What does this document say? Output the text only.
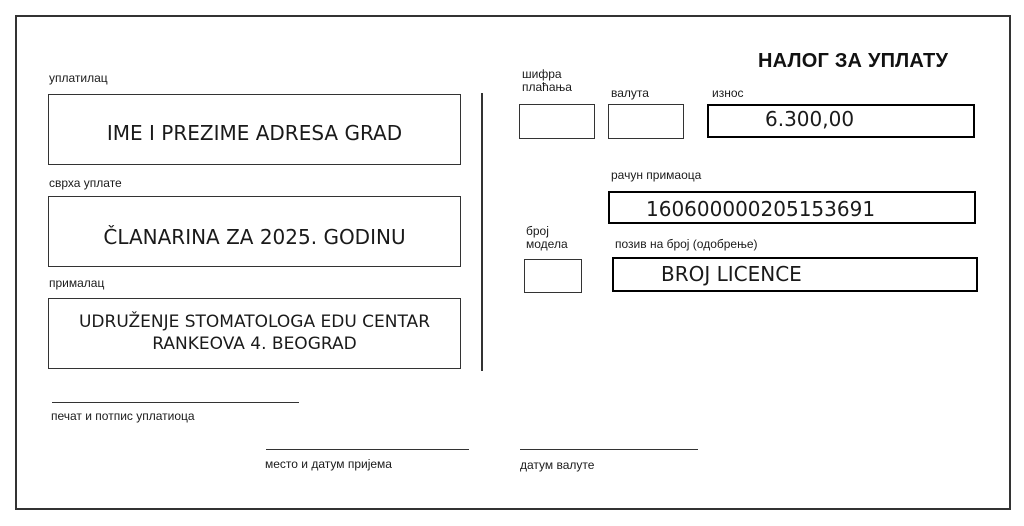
НАЛОГ ЗА УПЛАТУ
уплатилац
IME I PREZIME ADRESA GRAD
сврха уплате
ČLANARINA ZA 2025. GODINU
прималац
UDRUŽENJE STOMATOLOGA EDU CENTAR
RANKEOVA 4. BEOGRAD
шифра
плаћања	валута	износ
6.300,00
рачун примаоца
160600000205153691
број
модела	позив на број (одобрење)
BROJ LICENCE
печат и потпис уплатиоца
место и датум пријема	датум валуте
